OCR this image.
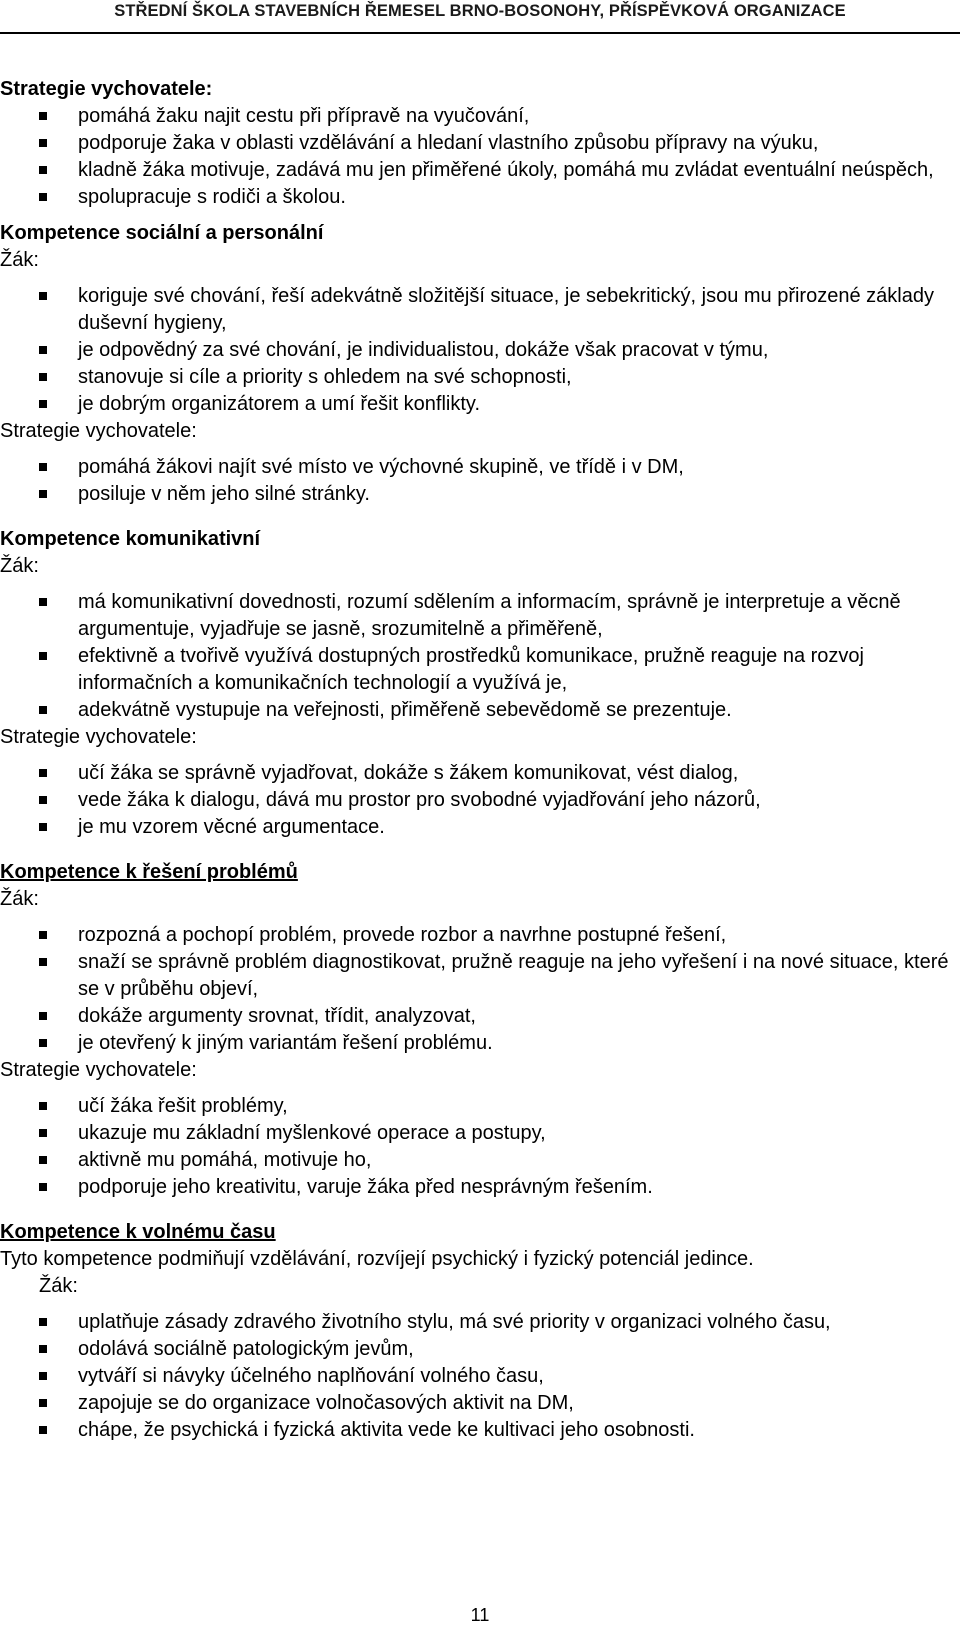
STŘEDNÍ ŠKOLA STAVEBNÍCH ŘEMESEL BRNO-BOSONOHY, PŘÍSPĚVKOVÁ ORGANIZACE

Strategie vychovatele:

pomáhá žaku najit cestu při přípravě na vyučování,
podporuje žaka v oblasti vzdělávání a hledaní vlastního způsobu přípravy na výuku,
kladně žáka motivuje, zadává mu jen přiměřené úkoly, pomáhá mu zvládat eventuální neúspěch,
spolupracuje s rodiči a školou.

Kompetence sociální a personální

Žák:

koriguje své chování, řeší adekvátně složitější situace, je sebekritický, jsou mu přirozené základy duševní hygieny,
je odpovědný za své chování, je individualistou, dokáže však pracovat v týmu,
stanovuje si cíle a priority s ohledem na své schopnosti,
je dobrým organizátorem a umí řešit konflikty.

Strategie vychovatele:

pomáhá žákovi najít své místo ve výchovné skupině, ve třídě i v DM,
posiluje v něm jeho silné stránky.

Kompetence komunikativní

Žák:

má komunikativní dovednosti, rozumí sdělením a informacím, správně je interpretuje a věcně argumentuje, vyjadřuje se jasně, srozumitelně a přiměřeně,
efektivně a tvořivě využívá dostupných prostředků komunikace, pružně reaguje na rozvoj informačních a komunikačních technologií a využívá je,
adekvátně vystupuje na veřejnosti, přiměřeně sebevědomě se prezentuje.

Strategie vychovatele:

učí žáka se správně vyjadřovat, dokáže s žákem komunikovat, vést dialog,
vede žáka k dialogu, dává mu prostor pro svobodné vyjadřování jeho názorů,
je mu vzorem věcné argumentace.

Kompetence k řešení problémů

Žák:

rozpozná a pochopí problém, provede rozbor a navrhne postupné řešení,
snaží se správně problém diagnostikovat, pružně reaguje na jeho vyřešení i na nové situace, které se v průběhu objeví,
dokáže argumenty srovnat, třídit, analyzovat,
je otevřený k jiným variantám řešení problému.

Strategie vychovatele:

učí žáka řešit problémy,
ukazuje mu základní myšlenkové operace a postupy,
aktivně mu pomáhá, motivuje ho,
podporuje jeho kreativitu, varuje žáka před nesprávným řešením.

Kompetence k volnému času

Tyto kompetence podmiňují vzdělávání, rozvíjejí psychický i fyzický potenciál jedince.

Žák:

uplatňuje zásady zdravého životního stylu, má své priority v organizaci volného času,
odolává sociálně patologickým jevům,
vytváří si návyky účelného naplňování volného času,
zapojuje se do organizace volnočasových aktivit na DM,
chápe, že psychická i fyzická aktivita vede ke kultivaci jeho osobnosti.
11
